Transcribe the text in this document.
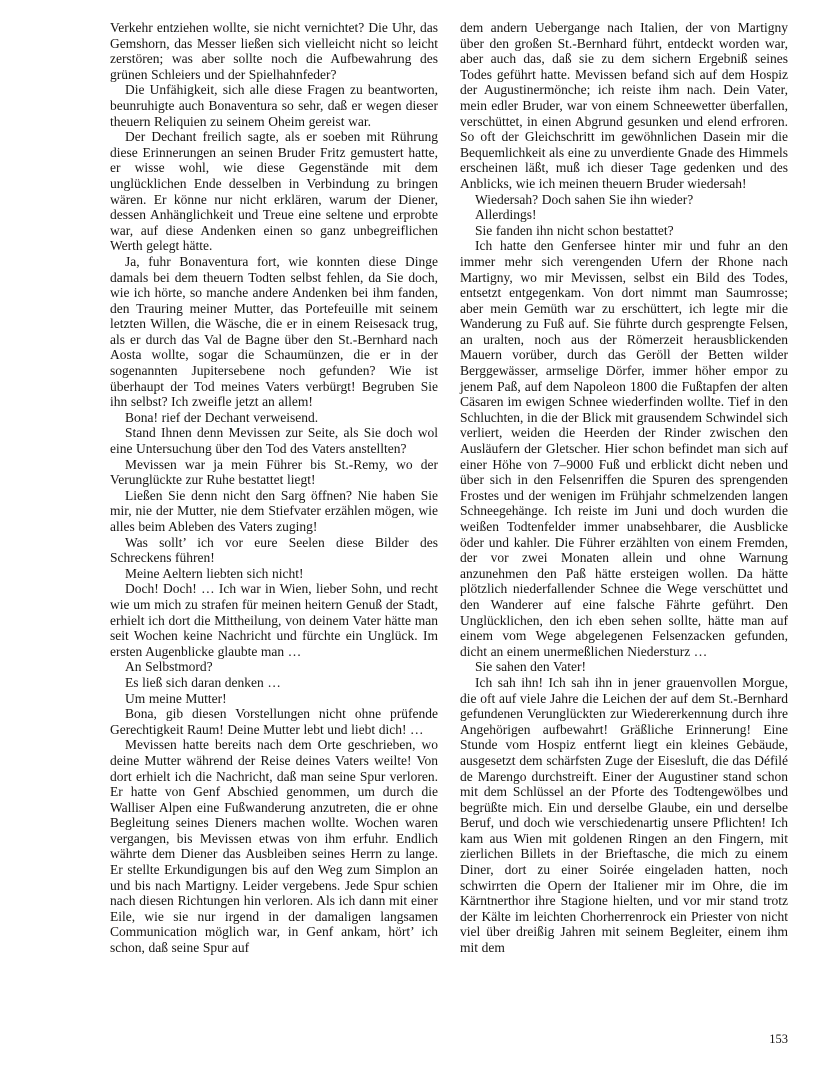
Verkehr entziehen wollte, sie nicht vernichtet? Die Uhr, das Gemshorn, das Messer ließen sich vielleicht nicht so leicht zerstören; was aber sollte noch die Aufbewahrung des grünen Schleiers und der Spielhahnfeder?

Die Unfähigkeit, sich alle diese Fragen zu beantworten, beunruhigte auch Bonaventura so sehr, daß er wegen dieser theuern Reliquien zu seinem Oheim gereist war.

Der Dechant freilich sagte, als er soeben mit Rührung diese Erinnerungen an seinen Bruder Fritz gemustert hatte, er wisse wohl, wie diese Gegenstände mit dem unglücklichen Ende desselben in Verbindung zu bringen wären. Er könne nur nicht erklären, warum der Diener, dessen Anhänglichkeit und Treue eine seltene und erprobte war, auf diese Andenken einen so ganz unbegreiflichen Werth gelegt hätte.

Ja, fuhr Bonaventura fort, wie konnten diese Dinge damals bei dem theuern Todten selbst fehlen, da Sie doch, wie ich hörte, so manche andere Andenken bei ihm fanden, den Trauring meiner Mutter, das Portefeuille mit seinem letzten Willen, die Wäsche, die er in einem Reisesack trug, als er durch das Val de Bagne über den St.-Bernhard nach Aosta wollte, sogar die Schaumünzen, die er in der sogenannten Jupitersebene noch gefunden? Wie ist überhaupt der Tod meines Vaters verbürgt! Begruben Sie ihn selbst? Ich zweifle jetzt an allem!

Bona! rief der Dechant verweisend.

Stand Ihnen denn Mevissen zur Seite, als Sie doch wol eine Untersuchung über den Tod des Vaters anstellten?

Mevissen war ja mein Führer bis St.-Remy, wo der Verunglückte zur Ruhe bestattet liegt!

Ließen Sie denn nicht den Sarg öffnen? Nie haben Sie mir, nie der Mutter, nie dem Stiefvater erzählen mögen, wie alles beim Ableben des Vaters zuging!

Was sollt’ ich vor eure Seelen diese Bilder des Schreckens führen!

Meine Aeltern liebten sich nicht!

Doch! Doch! … Ich war in Wien, lieber Sohn, und recht wie um mich zu strafen für meinen heitern Genuß der Stadt, erhielt ich dort die Mittheilung, von deinem Vater hätte man seit Wochen keine Nachricht und fürchte ein Unglück. Im ersten Augenblicke glaubte man …

An Selbstmord?

Es ließ sich daran denken …

Um meine Mutter!

Bona, gib diesen Vorstellungen nicht ohne prüfende Gerechtigkeit Raum! Deine Mutter lebt und liebt dich! …

Mevissen hatte bereits nach dem Orte geschrieben, wo deine Mutter während der Reise deines Vaters weilte! Von dort erhielt ich die Nachricht, daß man seine Spur verloren. Er hatte von Genf Abschied genommen, um durch die Walliser Alpen eine Fußwanderung anzutreten, die er ohne Begleitung seines Dieners machen wollte. Wochen waren vergangen, bis Mevissen etwas von ihm erfuhr. Endlich währte dem Diener das Ausbleiben seines Herrn zu lange. Er stellte Erkundigungen bis auf den Weg zum Simplon an und bis nach Martigny. Leider vergebens. Jede Spur schien nach diesen Richtungen hin verloren. Als ich dann mit einer Eile, wie sie nur irgend in der damaligen langsamen Communication möglich war, in Genf ankam, hört’ ich schon, daß seine Spur auf

dem andern Uebergange nach Italien, der von Martigny über den großen St.-Bernhard führt, entdeckt worden war, aber auch das, daß sie zu dem sichern Ergebniß seines Todes geführt hatte. Mevissen befand sich auf dem Hospiz der Augustinermönche; ich reiste ihm nach. Dein Vater, mein edler Bruder, war von einem Schneewetter überfallen, verschüttet, in einen Abgrund gesunken und elend erfroren. So oft der Gleichschritt im gewöhnlichen Dasein mir die Bequemlichkeit als eine zu unverdiente Gnade des Himmels erscheinen läßt, muß ich dieser Tage gedenken und des Anblicks, wie ich meinen theuern Bruder wiedersah!

Wiedersah? Doch sahen Sie ihn wieder?

Allerdings!

Sie fanden ihn nicht schon bestattet?

Ich hatte den Genfersee hinter mir und fuhr an den immer mehr sich verengenden Ufern der Rhone nach Martigny, wo mir Mevissen, selbst ein Bild des Todes, entsetzt entgegenkam. Von dort nimmt man Saumrosse; aber mein Gemüth war zu erschüttert, ich legte mir die Wanderung zu Fuß auf. Sie führte durch gesprengte Felsen, an uralten, noch aus der Römerzeit herausblickenden Mauern vorüber, durch das Geröll der Betten wilder Berggewässer, armselige Dörfer, immer höher empor zu jenem Paß, auf dem Napoleon 1800 die Fußtapfen der alten Cäsaren im ewigen Schnee wiederfinden wollte. Tief in den Schluchten, in die der Blick mit grausendem Schwindel sich verliert, weiden die Heerden der Rinder zwischen den Ausläufern der Gletscher. Hier schon befindet man sich auf einer Höhe von 7–9000 Fuß und erblickt dicht neben und über sich in den Felsenriffen die Spuren des sprengenden Frostes und der wenigen im Frühjahr schmelzenden langen Schneegehänge. Ich reiste im Juni und doch wurden die weißen Todtenfelder immer unabsehbarer, die Ausblicke öder und kahler. Die Führer erzählten von einem Fremden, der vor zwei Monaten allein und ohne Warnung anzunehmen den Paß hätte ersteigen wollen. Da hätte plötzlich niederfallender Schnee die Wege verschüttet und den Wanderer auf eine falsche Fährte geführt. Den Unglücklichen, den ich eben sehen sollte, hätte man auf einem vom Wege abgelegenen Felsenzacken gefunden, dicht an einem unermeßlichen Niedersturz …

Sie sahen den Vater!

Ich sah ihn! Ich sah ihn in jener grauenvollen Morgue, die oft auf viele Jahre die Leichen der auf dem St.-Bernhard gefundenen Verunglückten zur Wiedererkennung durch ihre Angehörigen aufbewahrt! Gräßliche Erinnerung! Eine Stunde vom Hospiz entfernt liegt ein kleines Gebäude, ausgesetzt dem schärfsten Zuge der Eisesluft, die das Défilé de Marengo durchstreift. Einer der Augustiner stand schon mit dem Schlüssel an der Pforte des Todtengewölbes und begrüßte mich. Ein und derselbe Glaube, ein und derselbe Beruf, und doch wie verschiedenartig unsere Pflichten! Ich kam aus Wien mit goldenen Ringen an den Fingern, mit zierlichen Billets in der Brieftasche, die mich zu einem Diner, dort zu einer Soirée eingeladen hatten, noch schwirrten die Opern der Italiener mir im Ohre, die im Kärntnerthor ihre Stagione hielten, und vor mir stand trotz der Kälte im leichten Chorherrenrock ein Priester von nicht viel über dreißig Jahren mit seinem Begleiter, einem ihm mit dem

153
